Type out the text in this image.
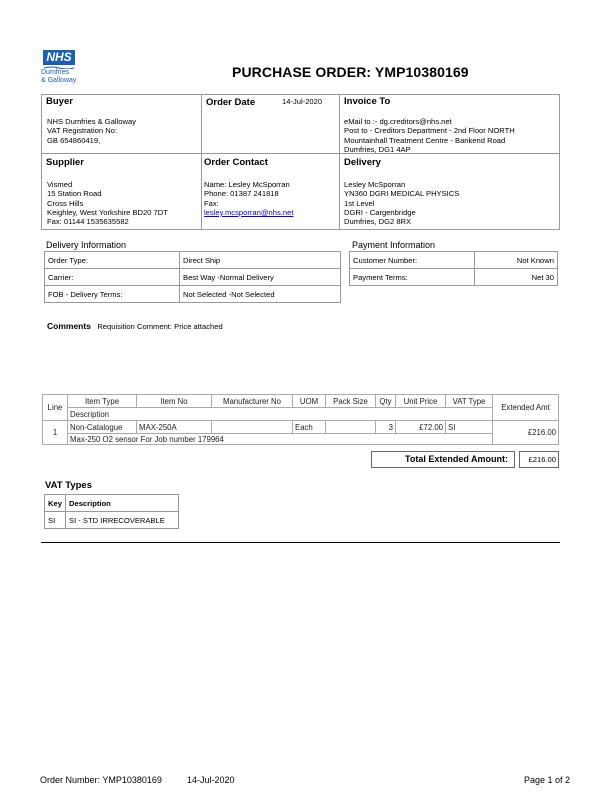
NHS
Dumfries
& Galloway
PURCHASE ORDER: YMP10380169
Buyer
NHS Dumfries & Galloway
VAT Registration No:
GB 654860419,
Order Date	14-Jul-2020 Invoice To
eMail to :- dg.creditors@nhs.net
Post to - Creditors Department - 2nd Floor NORTH
Mountainhall Treatment Centre - Bankend Road
Dumfries, DG1 4AP
Supplier
Vismed
15 Station Road
Cross Hills
Keighley, West Yorkshire BD20 7DT
Fax: 01144 1535635582
Order Contact
Name: Lesley McSporran
Phone: 01387 241818
Fax:
lesley.mcsporran@nhs.net
Delivery
Lesley McSporran
YN360 DGRI MEDICAL PHYSICS
1st Level
DGRI - Cargenbridge
Dumfries, DG2 8RX
Delivery Information
Order Type:	Direct Ship
Carrier:	Best Way -Normal Delivery
FOB - Delivery Terms:	Not Selected -Not Selected
Payment Information
Customer Number:	Not Known
Payment Terms:	Net 30
Comments Requisition Comment: Price attached
Line	Item Type	Item No	Manufacturer No	UOM	Pack Size	Qty	Unit Price	VAT Type	Extended Amt
	Description								
1	Non-Catalogue	MAX-250A		Each		3	£72.00	SI	£216.00
	Max-250 O2 sensor For Job number 179964								
Total Extended Amount:	£216.00
VAT Types
Key	Description
SI	SI - STD IRRECOVERABLE
Order Number: YMP10380169	14-Jul-2020	Page 1 of 2
